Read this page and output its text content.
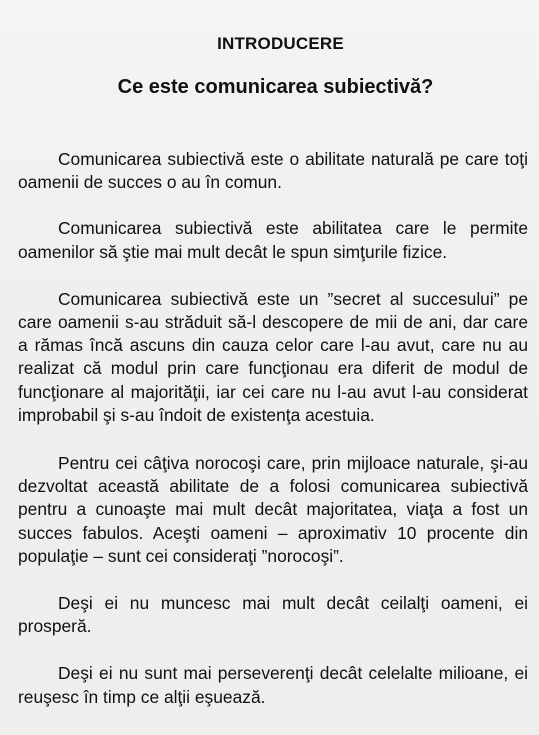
INTRODUCERE
Ce este comunicarea subiectivă?

Comunicarea subiectivă este o abilitate naturală pe care toţi oamenii de succes o au în comun.

Comunicarea subiectivă este abilitatea care le permite oamenilor să ştie mai mult decât le spun simţurile fizice.

Comunicarea subiectivă este un ”secret al succesului” pe care oamenii s-au străduit să-l descopere de mii de ani, dar care a rămas încă ascuns din cauza celor care l-au avut, care nu au realizat că modul prin care funcţionau era diferit de modul de funcţionare al majorităţii, iar cei care nu l-au avut l-au considerat improbabil şi s-au îndoit de existenţa acestuia.

Pentru cei câţiva norocoşi care, prin mijloace naturale, şi-au dezvoltat această abilitate de a folosi comunicarea subiectivă pentru a cunoaşte mai mult decât majoritatea, viaţa a fost un succes fabulos. Aceşti oameni – aproximativ 10 procente din populaţie – sunt cei consideraţi ”norocoşi”.

Deşi ei nu muncesc mai mult decât ceilalţi oameni, ei prosperă.

Deşi ei nu sunt mai perseverenţi decât celelalte milioane, ei reuşesc în timp ce alţii eşuează.
